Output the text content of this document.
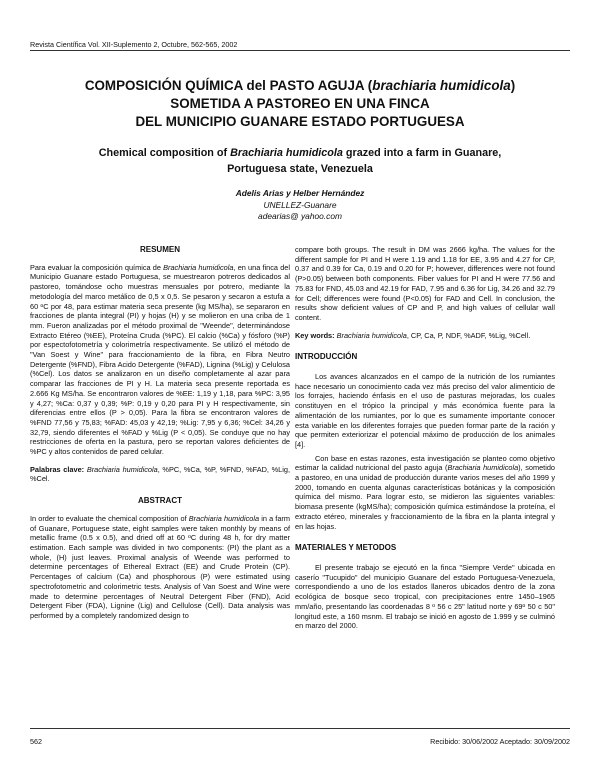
Revista Científica Vol. XII-Suplemento 2, Octubre, 562-565, 2002
COMPOSICIÓN QUÍMICA del PASTO AGUJA (brachiaria humidicola)
SOMETIDA A PASTOREO EN UNA FINCA
DEL MUNICIPIO GUANARE ESTADO PORTUGUESA
Chemical composition of Brachiaria humidicola grazed into a farm in Guanare,
Portuguesa state, Venezuela
Adelis Arias y Helber Hernández
UNELLEZ-Guanare
adearias@ yahoo.com
RESUMEN

Para evaluar la composición química de Brachiaria humidicola, en una finca del Municipio Guanare estado Portuguesa, se muestrearon potreros dedicados al pastoreo, tomándose ocho muestras mensuales por potrero, mediante la metodología del marco metálico de 0,5 x 0,5. Se pesaron y secaron a estufa a 60 ºC por 48, para estimar materia seca presente (kg MS/ha), se separaron en fracciones de planta integral (PI) y hojas (H) y se molieron en una criba de 1 mm. Fueron analizadas por el método proximal de "Weende", determinándose Extracto Etéreo (%EE), Proteína Cruda (%PC). El calcio (%Ca) y fósforo (%P) por espectofotometría y colorimetría respectivamente. Se utilizó el método de "Van Soest y Wine" para fraccionamiento de la fibra, en Fibra Neutro Detergente (%FND), Fibra Acido Detergente (%FAD), Lignina (%Lig) y Celulosa (%Cel). Los datos se analizaron en un diseño completamente al azar para comparar las fracciones de PI y H. La materia seca presente reportada es 2.666 Kg MS/ha. Se encontraron valores de %EE: 1,19 y 1,18, para %PC: 3,95 y 4,27; %Ca: 0,37 y 0,39; %P: 0,19 y 0,20 para PI y H respectivamente, sin diferencias entre ellos (P > 0,05). Para la fibra se encontraron valores de %FND 77,56 y 75,83; %FAD: 45,03 y 42,19; %Lig: 7,95 y 6,36; %Cel: 34,26 y 32,79, siendo diferentes el %FAD y %Lig (P < 0,05). Se conduye que no hay restricciones de oferta en la pastura, pero se reportan valores deficientes de %PC y altos contenidos de pared celular.

Palabras clave: Brachiaria humidicola, %PC, %Ca, %P, %FND, %FAD, %Lig, %Cel.

ABSTRACT

In order to evaluate the chemical composition of Brachiaria humidicola in a farm of Guanare, Portuguese state, eight samples were taken monthly by means of metallic frame (0.5 x 0.5), and dried off at 60 ºC during 48 h, for dry matter estimation. Each sample was divided in two components: (PI) the plant as a whole, (H) just leaves. Proximal analysis of Weende was performed to determine percentages of Ethereal Extract (EE) and Crude Protein (CP). Percentages of calcium (Ca) and phosphorous (P) were estimated using spectrofotometric and colorimetric tests. Analysis of Van Soest and Wine were made to determine percentages of Neutral Detergent Fiber (FND), Acid Detergent Fiber (FDA), Lignine (Lig) and Cellulose (Cell). Data analysis was performed by a completely randomized design to

compare both groups. The result in DM was 2666 kg/ha. The values for the different sample for PI and H were 1.19 and 1.18 for EE, 3.95 and 4.27 for CP, 0.37 and 0.39 for Ca, 0.19 and 0.20 for P; however, differences were not found (P>0.05) between both components. Fiber values for PI and H were 77.56 and 75.83 for FND, 45.03 and 42.19 for FAD, 7.95 and 6.36 for Lig, 34.26 and 32.79 for Cell; differences were found (P<0.05) for FAD and Cell. In conclusion, the results show deficient values of CP and P, and high values of cellular wall content.

Key words: Brachiaria humidicola, CP, Ca, P, NDF, %ADF, %Lig, %Cell.

INTRODUCCIÓN

Los avances alcanzados en el campo de la nutrición de los rumiantes hace necesario un conocimiento cada vez más preciso del valor alimenticio de los forrajes, haciendo énfasis en el uso de pasturas mejoradas, los cuales constituyen en el trópico la principal y más económica fuente para la alimentación de los rumiantes, por lo que es sumamente importante conocer esta variable en los diferentes forrajes que pueden formar parte de la ración y que permiten exteriorizar el potencial máximo de producción de los animales [4].

Con base en estas razones, esta investigación se planteo como objetivo estimar la calidad nutricional del pasto aguja (Brachiaria humidicola), sometido a pastoreo, en una unidad de producción durante varios meses del año 1999 y 2000, tomando en cuenta algunas características botánicas y la composición química del mismo. Para lograr esto, se midieron las siguientes variables: biomasa presente (kgMS/ha); composición química estimándose la proteína, el extracto etéreo, minerales y fraccionamiento de la fibra en la planta integral y en las hojas.

MATERIALES Y METODOS

El presente trabajo se ejecutó en la finca "Siempre Verde" ubicada en caserío "Tucupido" del municipio Guanare del estado Portuguesa-Venezuela, correspondiendo a uno de los estados llaneros ubicados dentro de la zona ecológica de bosque seco tropical, con precipitaciones entre 1450–1965 mm/año, presentando las coordenadas 8 º 56 c 25" latitud norte y 69º 50 c 50" longitud este, a 160 msnm. El trabajo se inició en agosto de 1.999 y se culminó en marzo del 2000.

562	Recibido: 30/06/2002 Aceptado: 30/09/2002
